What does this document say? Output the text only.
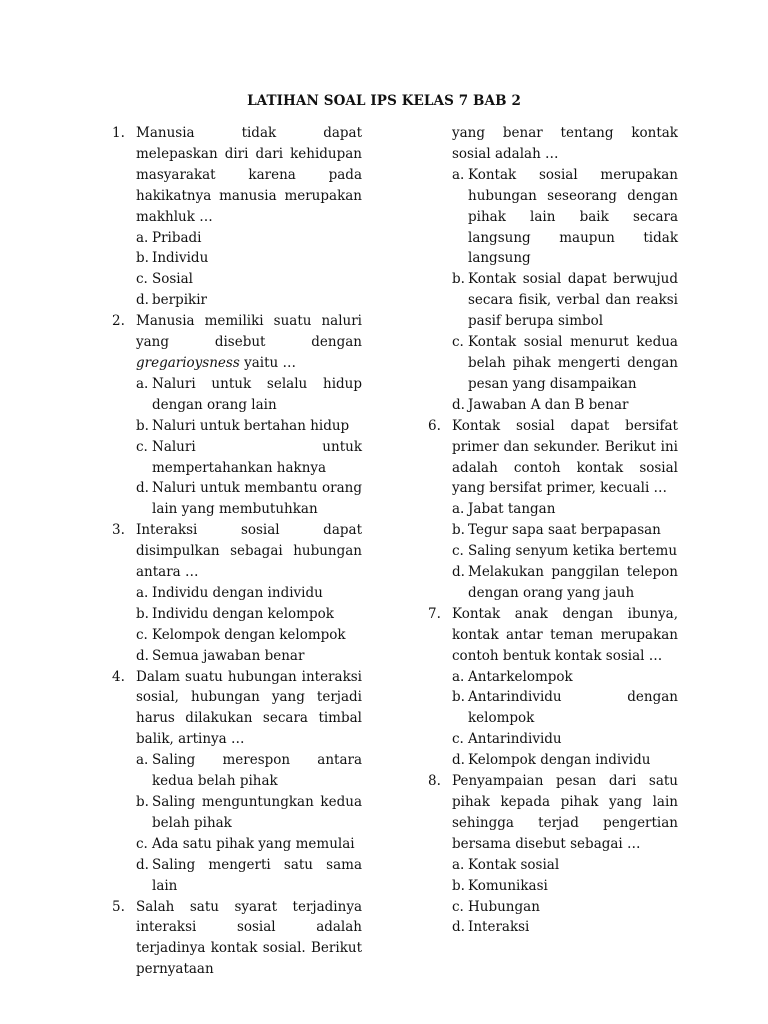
LATIHAN SOAL IPS KELAS 7 BAB 2

1. Manusia tidak dapat melepaskan diri dari kehidupan masyarakat karena pada hakikatnya manusia merupakan makhluk …

a. Pribadi

b. Individu

c. Sosial

d. berpikir

2. Manusia memiliki suatu naluri yang disebut dengan gregarioysness yaitu …

a. Naluri untuk selalu hidup dengan orang lain

b. Naluri untuk bertahan hidup

c. Naluri untuk mempertahankan haknya

d. Naluri untuk membantu orang lain yang membutuhkan

3. Interaksi sosial dapat disimpulkan sebagai hubungan antara …

a. Individu dengan individu

b. Individu dengan kelompok

c. Kelompok dengan kelompok

d. Semua jawaban benar

4. Dalam suatu hubungan interaksi sosial, hubungan yang terjadi harus dilakukan secara timbal balik, artinya …

a. Saling merespon antara kedua belah pihak

b. Saling menguntungkan kedua belah pihak

c. Ada satu pihak yang memulai

d. Saling mengerti satu sama lain

5. Salah satu syarat terjadinya interaksi sosial adalah terjadinya kontak sosial. Berikut pernyataan

yang benar tentang kontak sosial adalah …

a. Kontak sosial merupakan hubungan seseorang dengan pihak lain baik secara langsung maupun tidak langsung

b. Kontak sosial dapat berwujud secara fisik, verbal dan reaksi pasif berupa simbol

c. Kontak sosial menurut kedua belah pihak mengerti dengan pesan yang disampaikan

d. Jawaban A dan B benar

6. Kontak sosial dapat bersifat primer dan sekunder. Berikut ini adalah contoh kontak sosial yang bersifat primer, kecuali …

a. Jabat tangan

b. Tegur sapa saat berpapasan

c. Saling senyum ketika bertemu

d. Melakukan panggilan telepon dengan orang yang jauh

7. Kontak anak dengan ibunya, kontak antar teman merupakan contoh bentuk kontak sosial …

a. Antarkelompok

b. Antarindividu dengan kelompok

c. Antarindividu

d. Kelompok dengan individu

8. Penyampaian pesan dari satu pihak kepada pihak yang lain sehingga terjad pengertian bersama disebut sebagai …

a. Kontak sosial

b. Komunikasi

c. Hubungan

d. Interaksi
